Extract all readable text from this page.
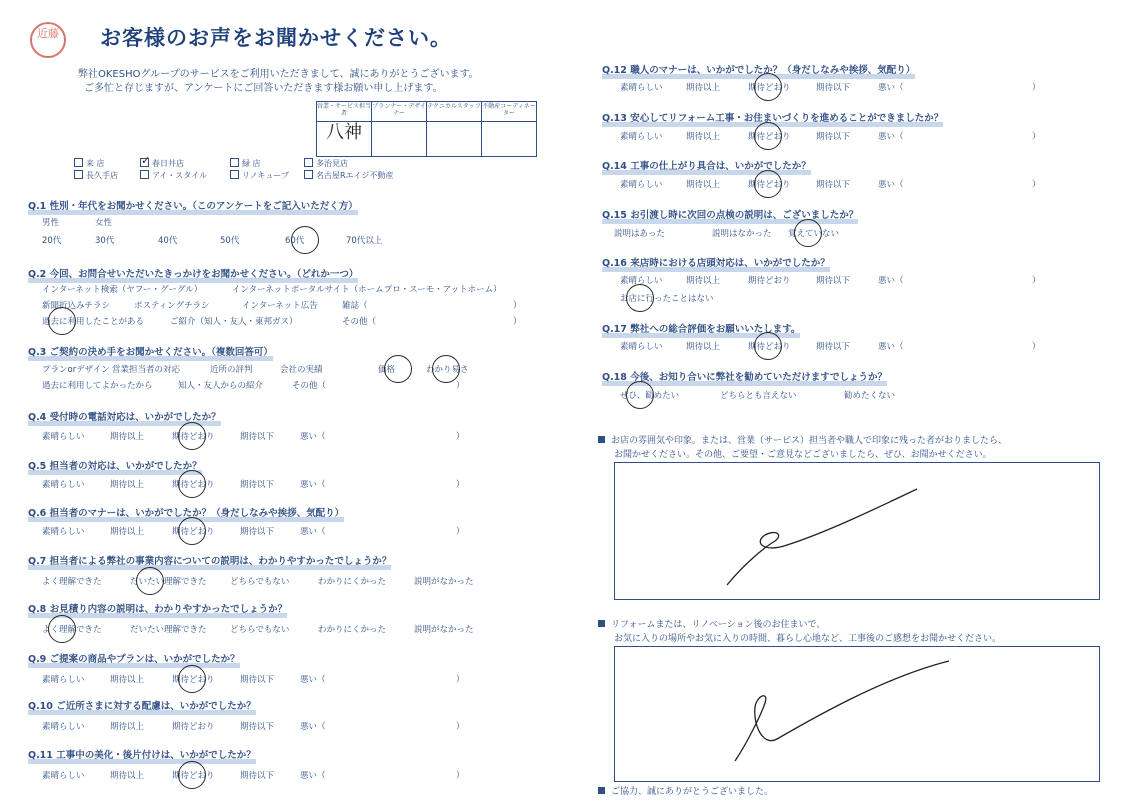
近藤	お客様のお声をお聞かせください。
弊社OKESHOグループのサービスをご利用いただきまして、誠にありがとうございます。
ご多忙と存じますが、アンケートにご回答いただきます様お願い申し上げます。
営業・サービス担当者	プランナー・デザイナー	テクニカルスタッフ	不動産コーディネーター

八神			

来 店	✓ 春日井店	緑 店	多治見店
長久手店	アイ・スタイル	リノキューブ	名古屋Rエイジ不動産
Q.1 性別・年代をお聞かせください。（このアンケートをご記入いただく方）
男性	女性
20代	30代	40代	50代	60代	70代以上
Q.2 今回、お問合せいただいたきっかけをお聞かせください。（どれか一つ）
インターネット検索（ヤフー・グーグル）	インターネットポータルサイト（ホームプロ・スーモ・アットホーム）
新聞折込みチラシ	ポスティングチラシ	インターネット広告	雑誌（	）
過去に利用したことがある	ご紹介（知人・友人・東邦ガス）	その他（	）
Q.3 ご契約の決め手をお聞かせください。（複数回答可）
プランorデザイン 営業担当者の対応	近所の評判	会社の実績	価格	わかり易さ
過去に利用してよかったから	知人・友人からの紹介	その他（	）
Q.4 受付時の電話対応は、いかがでしたか？
素晴らしい	期待以上	期待どおり	期待以下	悪い（	）
Q.5 担当者の対応は、いかがでしたか？
素晴らしい	期待以上	期待どおり	期待以下	悪い（	）
Q.6 担当者のマナーは、いかがでしたか？（身だしなみや挨拶、気配り）
素晴らしい	期待以上	期待どおり	期待以下	悪い（	）
Q.7 担当者による弊社の事業内容についての説明は、わかりやすかったでしょうか？
よく理解できた	だいたい理解できた	どちらでもない	わかりにくかった	説明がなかった
Q.8 お見積り内容の説明は、わかりやすかったでしょうか？
よく理解できた	だいたい理解できた	どちらでもない	わかりにくかった	説明がなかった
Q.9 ご提案の商品やプランは、いかがでしたか？
素晴らしい	期待以上	期待どおり	期待以下	悪い（	）
Q.10 ご近所さまに対する配慮は、いかがでしたか？
素晴らしい	期待以上	期待どおり	期待以下	悪い（	）
Q.11 工事中の美化・後片付けは、いかがでしたか？
素晴らしい	期待以上	期待どおり	期待以下	悪い（	）
Q.12 職人のマナーは、いかがでしたか？（身だしなみや挨拶、気配り）
素晴らしい	期待以上	期待どおり	期待以下	悪い（	）
Q.13 安心してリフォーム工事・お住まいづくりを進めることができましたか？
素晴らしい	期待以上	期待どおり	期待以下	悪い（	）
Q.14 工事の仕上がり具合は、いかがでしたか？
素晴らしい	期待以上	期待どおり	期待以下	悪い（	）
Q.15 お引渡し時に次回の点検の説明は、ございましたか？
説明はあった	説明はなかった 覚えていない
Q.16 来店時における店頭対応は、いかがでしたか？
素晴らしい	期待以上	期待どおり	期待以下	悪い（	）
お店に行ったことはない
Q.17 弊社への総合評価をお願いいたします。
素晴らしい	期待以上	期待どおり	期待以下	悪い（	）
Q.18 今後、お知り合いに弊社を勧めていただけますでしょうか？
ぜひ、勧めたい	どちらとも言えない	勧めたくない
お店の雰囲気や印象。または、営業（サービス）担当者や職人で印象に残った者がおりましたら、
お聞かせください。その他、ご要望・ご意見などございましたら、ぜひ、お聞かせください。
リフォームまたは、リノベーション後のお住まいで、
お気に入りの場所やお気に入りの時間、暮らし心地など、工事後のご感想をお聞かせください。
ご協力、誠にありがとうございました。
